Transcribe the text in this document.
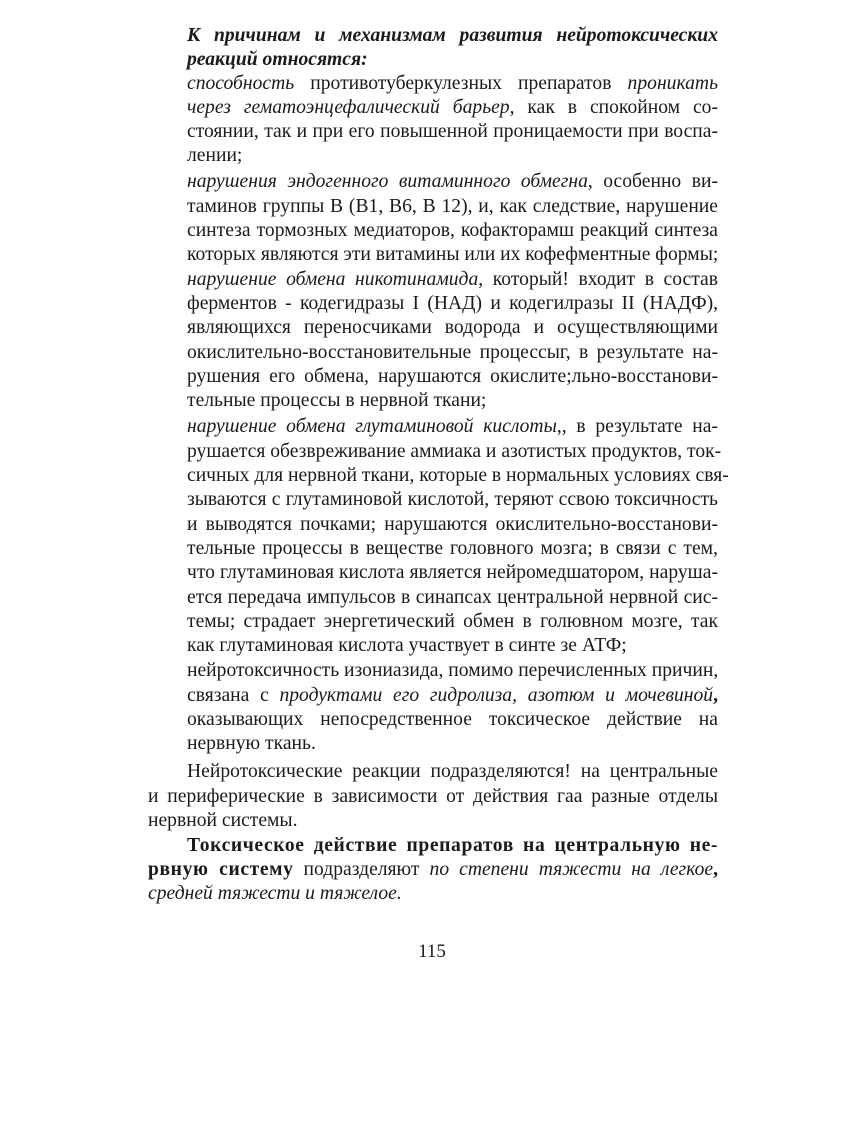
К причинам и механизмам развития нейротоксических
реакций относятся:
способность противотуберкулезных препаратов проникать
через гематоэнцефалический барьер, как в спокойном со-
стоянии, так и при его повышенной проницаемости при воспа-
лении;
нарушения эндогенного витаминного обмегна, особенно ви-
таминов группы В (В1, В6, В 12), и, как следствие, нарушение
синтеза тормозных медиаторов, кофакторамш реакций синтеза
которых являются эти витамины или их кофефментные формы;
нарушение обмена никотинамида, который! входит в состав
ферментов - кодегидразы I (НАД) и кодегилразы II (НАДФ),
являющихся переносчиками водорода и осуществляющими
окислительно-восстановительные процессыг, в результате на-
рушения его обмена, нарушаются окислите;льно-восстанови-
тельные процессы в нервной ткани;
нарушение обмена глутаминовой кислоты,, в результате на-
рушается обезвреживание аммиака и азотистых продуктов, ток-
сичных для нервной ткани, которые в нормальных условиях свя-
зываются с глутаминовой кислотой, теряют ссвою токсичность
и выводятся почками; нарушаются окислительно-восстанови-
тельные процессы в веществе головного мозга; в связи с тем,
что глутаминовая кислота является нейромедшатором, наруша-
ется передача импульсов в синапсах центральной нервной сис-
темы; страдает энергетический обмен в голювном мозге, так
как глутаминовая кислота участвует в синте зе АТФ;
нейротоксичность изониазида, помимо перечисленных причин,
связана с продуктами его гидролиза, азотюм и мочевиной,
оказывающих непосредственное токсическое действие на
нервную ткань.
Нейротоксические реакции подразделяются! на центральные
и периферические в зависимости от действия гаа разные отделы
нервной системы.
Токсическое действие препаратов на центральную не-
рвную систему подразделяют по степени тяжести на легкое,
средней тяжести и тяжелое.
115
